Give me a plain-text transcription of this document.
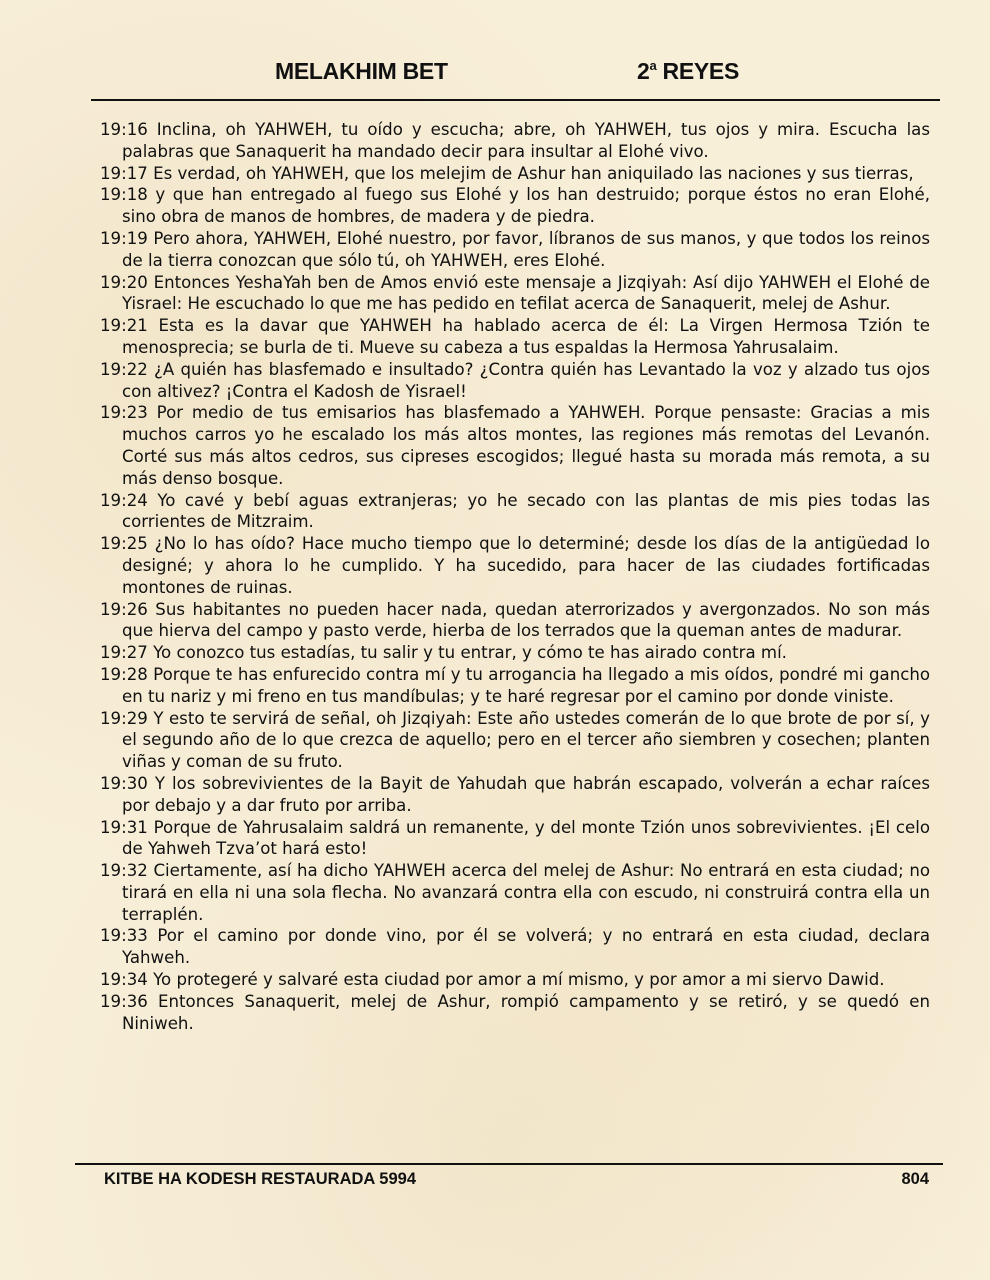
MELAKHIM BET	2$^a$ REYES

19:16 Inclina, oh YAHWEH, tu oído y escucha; abre, oh YAHWEH, tus ojos y mira. Escucha las palabras que Sanaquerit ha mandado decir para insultar al Elohé vivo.

19:17 Es verdad, oh YAHWEH, que los melejim de Ashur han aniquilado las naciones y sus tierras,

19:18 y que han entregado al fuego sus Elohé y los han destruido; porque éstos no eran Elohé, sino obra de manos de hombres, de madera y de piedra.

19:19 Pero ahora, YAHWEH, Elohé nuestro, por favor, líbranos de sus manos, y que todos los reinos de la tierra conozcan que sólo tú, oh YAHWEH, eres Elohé.

19:20 Entonces YeshaYah ben de Amos envió este mensaje a Jizqiyah: Así dijo YAHWEH el Elohé de Yisrael: He escuchado lo que me has pedido en tefilat acerca de Sanaquerit, melej de Ashur.

19:21 Esta es la davar que YAHWEH ha hablado acerca de él: La Virgen Hermosa Tzión te menosprecia; se burla de ti. Mueve su cabeza a tus espaldas la Hermosa Yahrusalaim.

19:22 ¿A quién has blasfemado e insultado? ¿Contra quién has Levantado la voz y alzado tus ojos con altivez? ¡Contra el Kadosh de Yisrael!

19:23 Por medio de tus emisarios has blasfemado a YAHWEH. Porque pensaste: Gracias a mis muchos carros yo he escalado los más altos montes, las regiones más remotas del Levanón. Corté sus más altos cedros, sus cipreses escogidos; llegué hasta su morada más remota, a su más denso bosque.

19:24 Yo cavé y bebí aguas extranjeras; yo he secado con las plantas de mis pies todas las corrientes de Mitzraim.

19:25 ¿No lo has oído? Hace mucho tiempo que lo determiné; desde los días de la antigüedad lo designé; y ahora lo he cumplido. Y ha sucedido, para hacer de las ciudades fortificadas montones de ruinas.

19:26 Sus habitantes no pueden hacer nada, quedan aterrorizados y avergonzados. No son más que hierva del campo y pasto verde, hierba de los terrados que la queman antes de madurar.

19:27 Yo conozco tus estadías, tu salir y tu entrar, y cómo te has airado contra mí.

19:28 Porque te has enfurecido contra mí y tu arrogancia ha llegado a mis oídos, pondré mi gancho en tu nariz y mi freno en tus mandíbulas; y te haré regresar por el camino por donde viniste.

19:29 Y esto te servirá de señal, oh Jizqiyah: Este año ustedes comerán de lo que brote de por sí, y el segundo año de lo que crezca de aquello; pero en el tercer año siembren y cosechen; planten viñas y coman de su fruto.

19:30 Y los sobrevivientes de la Bayit de Yahudah que habrán escapado, volverán a echar raíces por debajo y a dar fruto por arriba.

19:31 Porque de Yahrusalaim saldrá un remanente, y del monte Tzión unos sobrevivientes. ¡El celo de Yahweh Tzva’ot hará esto!

19:32 Ciertamente, así ha dicho YAHWEH acerca del melej de Ashur: No entrará en esta ciudad; no tirará en ella ni una sola flecha. No avanzará contra ella con escudo, ni construirá contra ella un terraplén.

19:33 Por el camino por donde vino, por él se volverá; y no entrará en esta ciudad, declara Yahweh.

19:34 Yo protegeré y salvaré esta ciudad por amor a mí mismo, y por amor a mi siervo Dawid.

19:36 Entonces Sanaquerit, melej de Ashur, rompió campamento y se retiró, y se quedó en Niniweh.

KITBE HA KODESH RESTAURADA 5994	804
